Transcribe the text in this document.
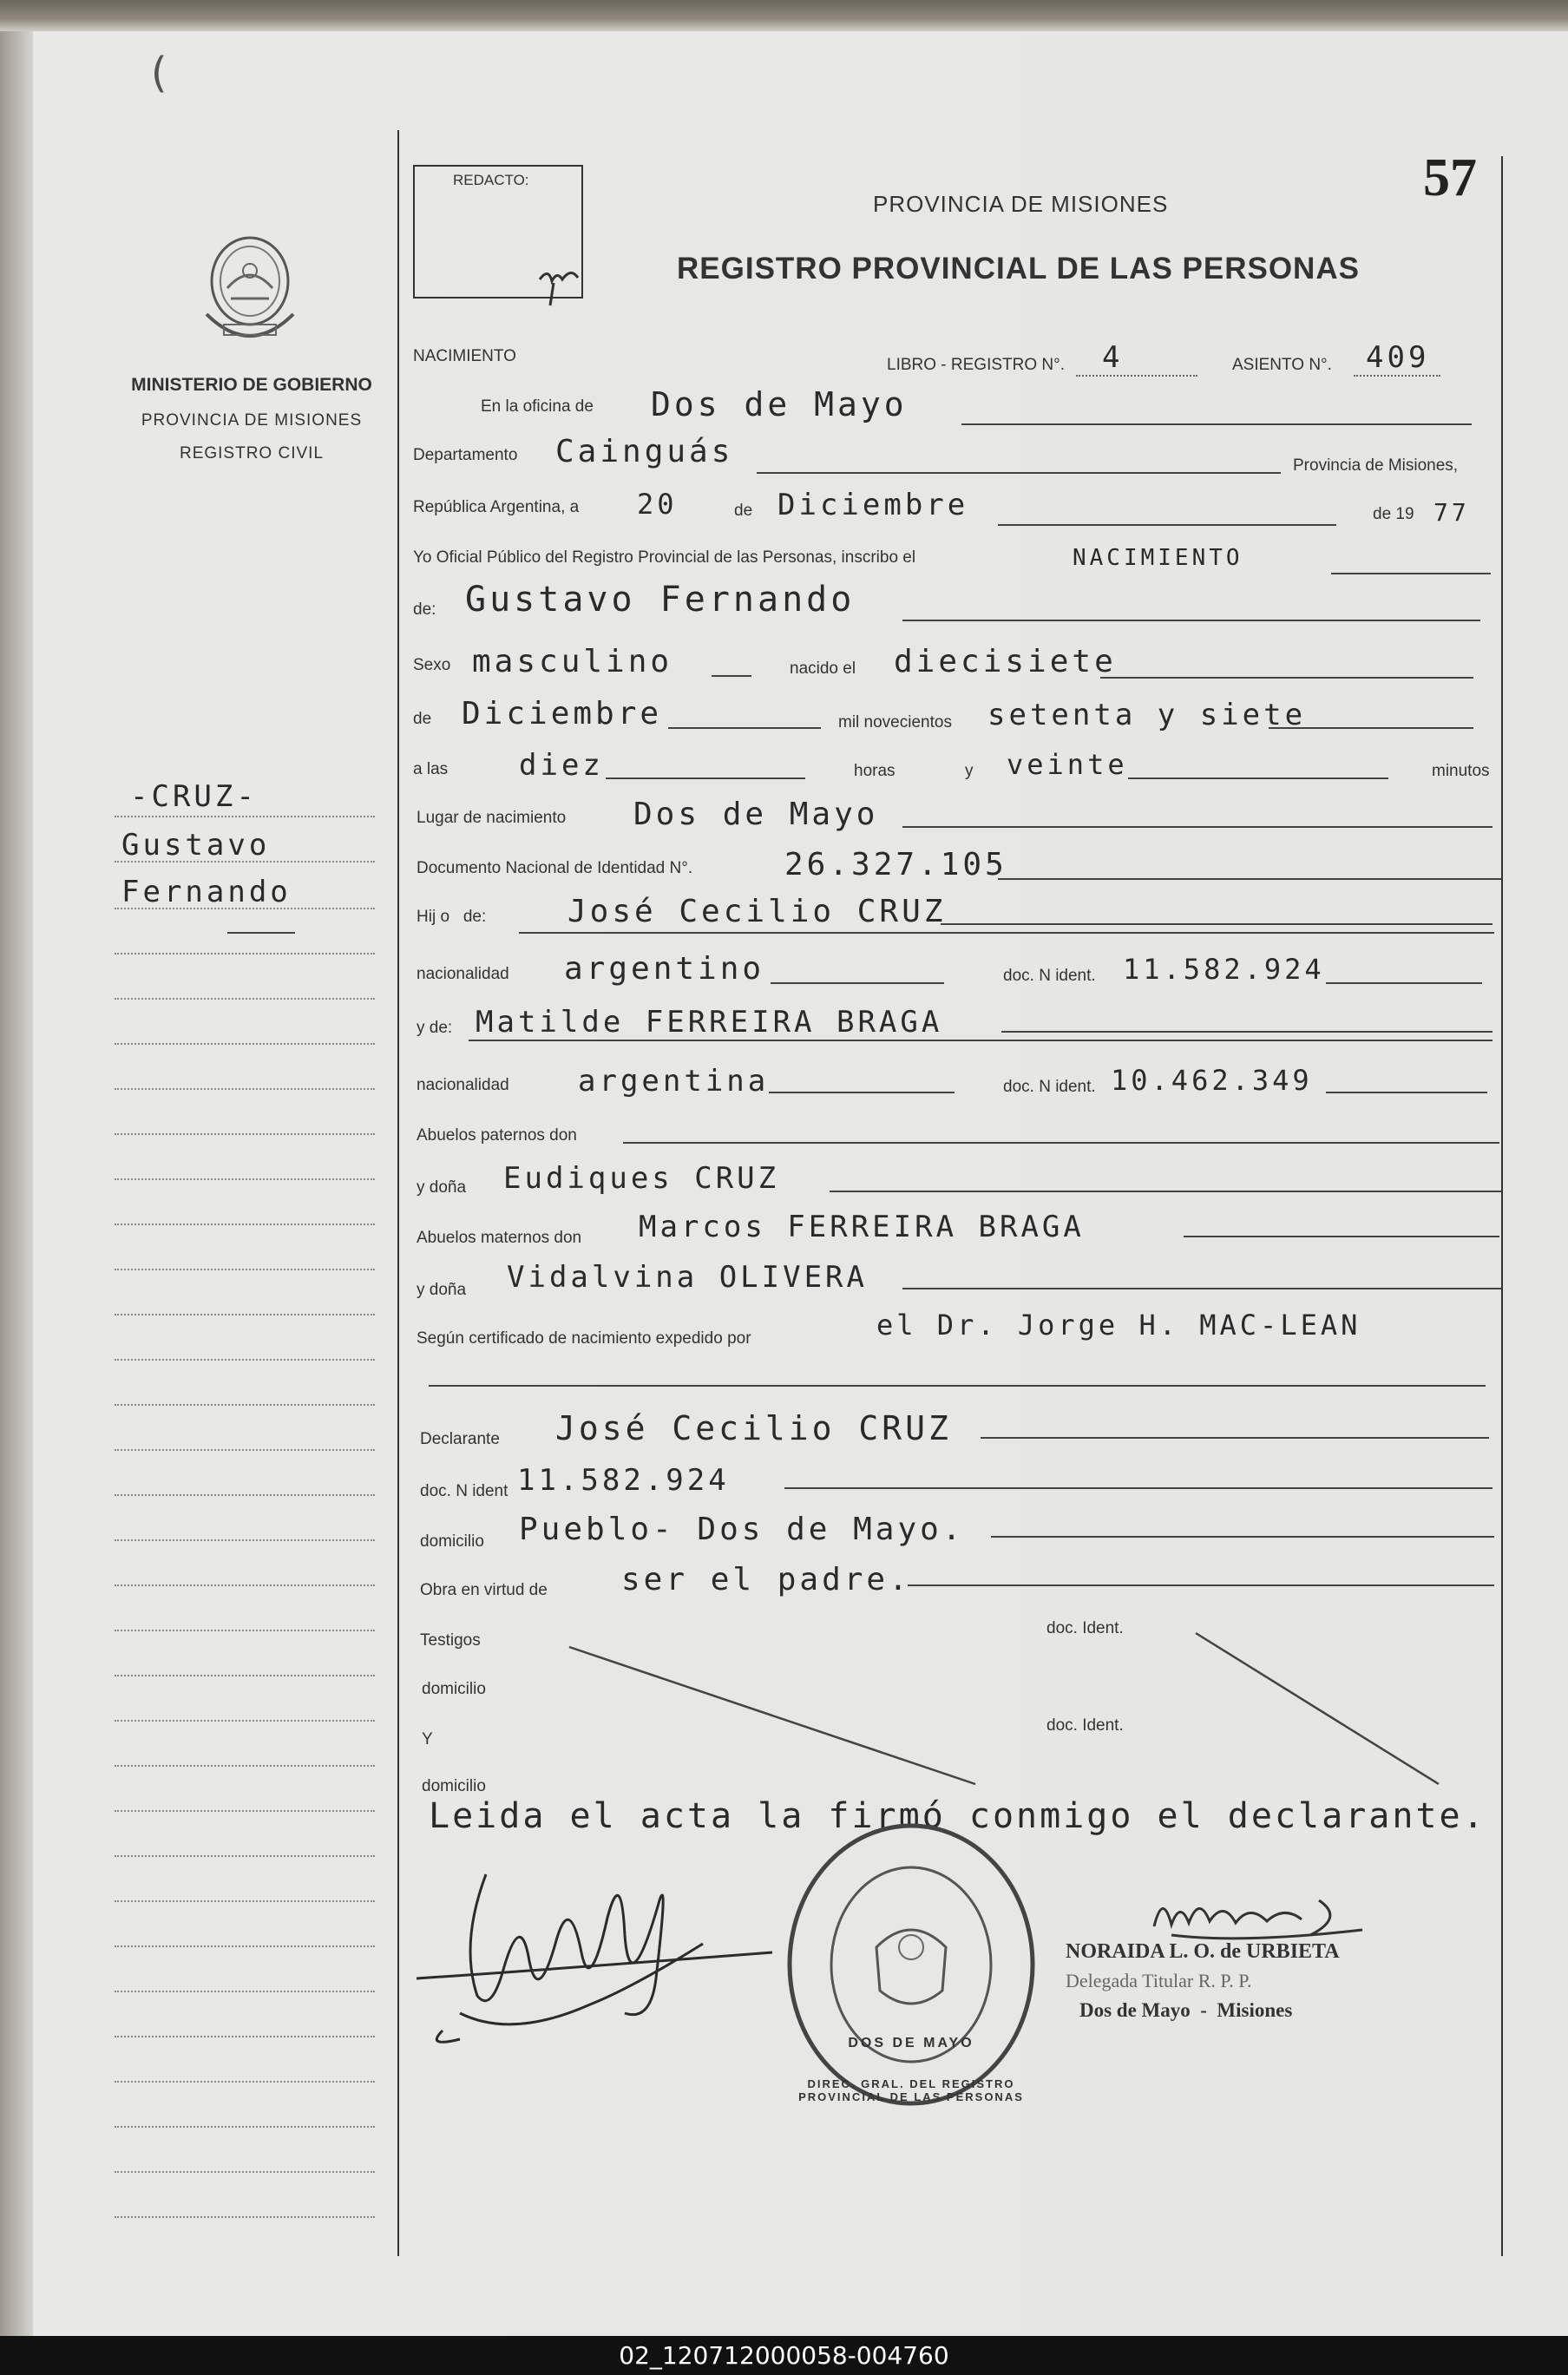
(
57
MINISTERIO DE GOBIERNO
PROVINCIA DE MISIONES
REGISTRO CIVIL
-CRUZ-
Gustavo
Fernando
REDACTO:
PROVINCIA DE MISIONES
REGISTRO PROVINCIAL DE LAS PERSONAS
NACIMIENTO	LIBRO - REGISTRO N°. 4	ASIENTO N°. 409
En la oficina de Dos de Mayo
Departamento Cainguás	Provincia de Misiones,
República Argentina, a 20	de Diciembre	de 19 77
Yo Oficial Público del Registro Provincial de las Personas, inscribo el	NACIMIENTO
de: Gustavo Fernando
Sexo masculino	nacido el diecisiete
de Diciembre	mil novecientos setenta y siete
a las diez	horas	y veinte	minutos
Lugar de nacimiento Dos de Mayo
Documento Nacional de Identidad N°.	26.327.105
Hij o   de:	José Cecilio CRUZ
nacionalidad argentino	doc. N ident. 11.582.924
y de: Matilde FERREIRA BRAGA
nacionalidad argentina	doc. N ident. 10.462.349
Abuelos paternos don
y doña Eudiques CRUZ
Abuelos maternos don Marcos FERREIRA BRAGA
y doña Vidalvina OLIVERA
Según certificado de nacimiento expedido por	el Dr. Jorge H. MAC-LEAN
Declarante José Cecilio CRUZ
doc. N ident 11.582.924
domicilio Pueblo- Dos de Mayo.
Obra en virtud de ser el padre.
Testigos
doc. Ident.
domicilio
Y
doc. Ident.
domicilio
Leida el acta la firmó conmigo el declarante.
DIREC. GRAL. DEL REGISTRO PROVINCIAL DE LAS PERSONAS
DOS DE MAYO
NORAIDA L. O. de URBIETA
Delegada Titular R. P. P.
Dos de Mayo  -  Misiones
02_120712000058-004760
